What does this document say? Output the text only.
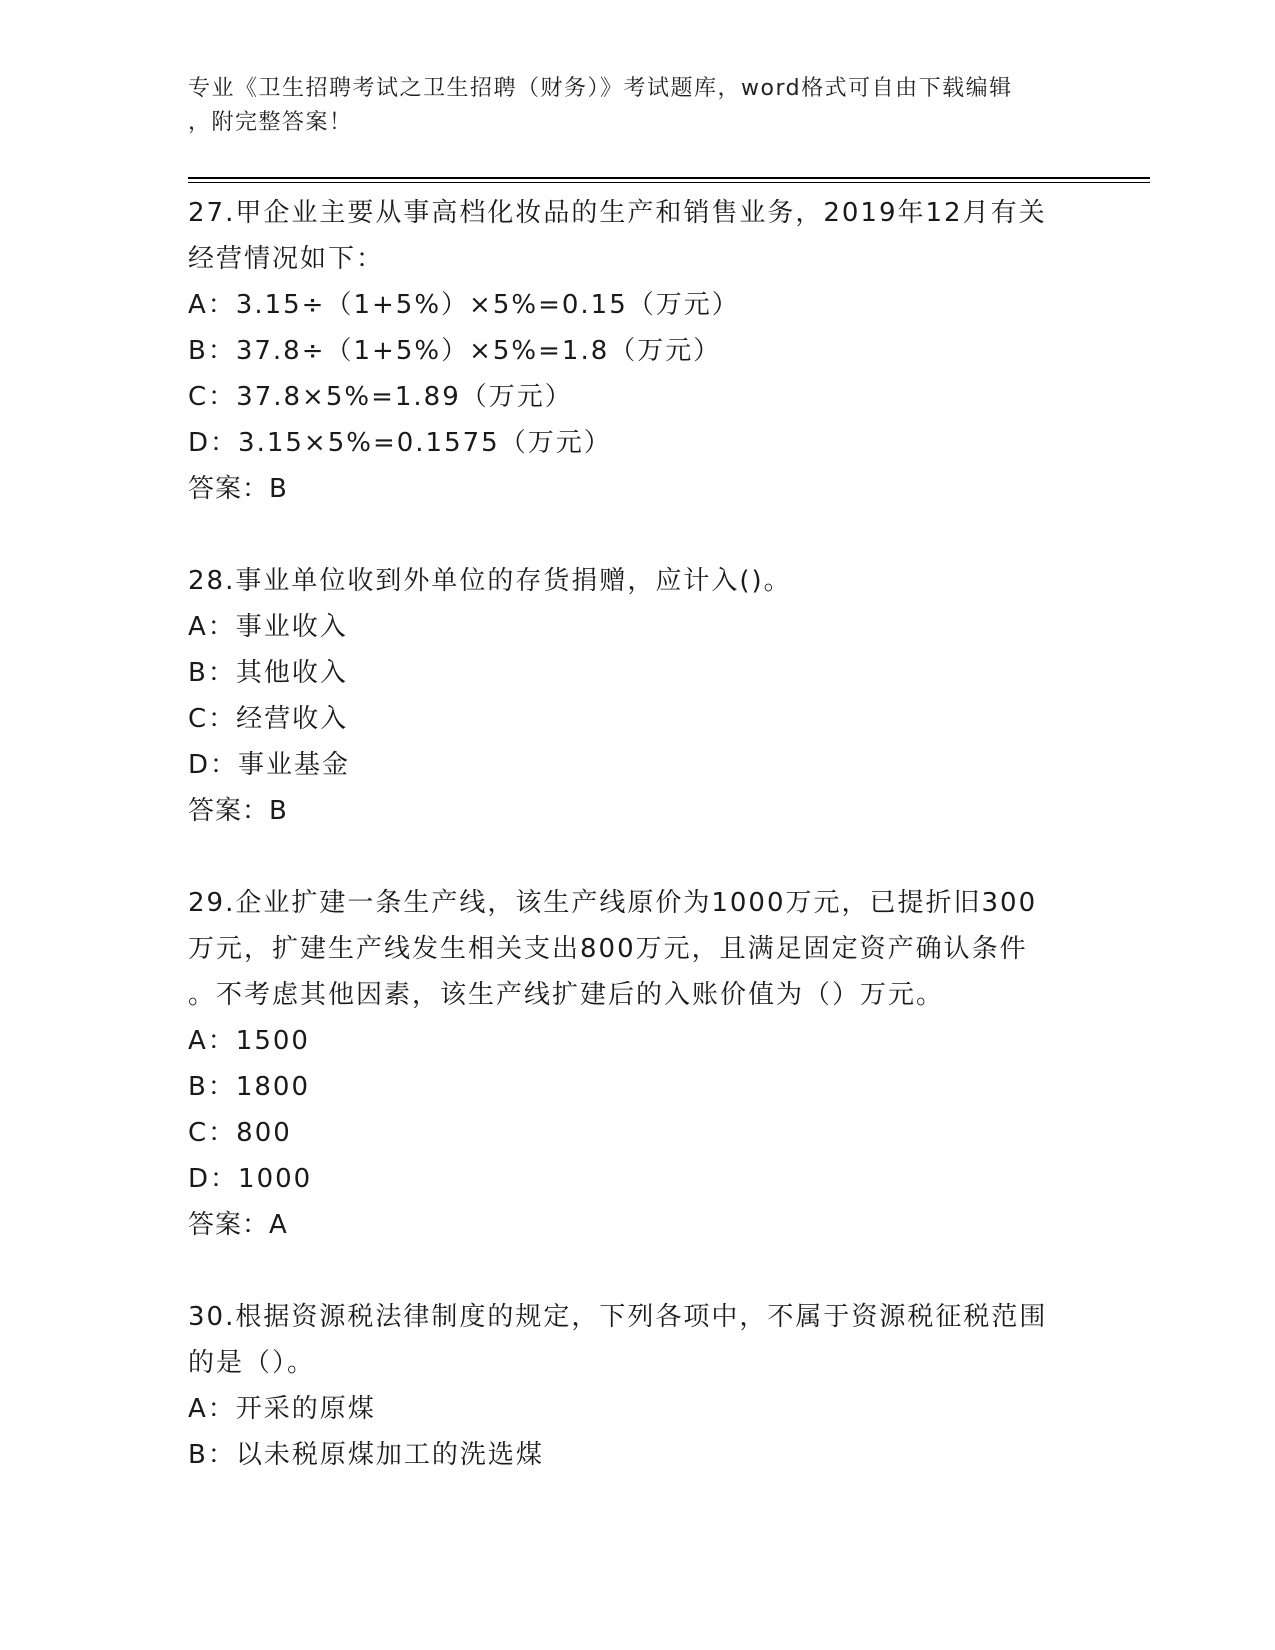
专业《卫生招聘考试之卫生招聘（财务）》考试题库，word格式可自由下载编辑
，附完整答案！

27.甲企业主要从事高档化妆品的生产和销售业务，2019年12月有关

经营情况如下：

A：3.15÷（1+5%）×5%=0.15（万元）

B：37.8÷（1+5%）×5%=1.8（万元）

C：37.8×5%=1.89（万元）

D：3.15×5%=0.1575（万元）

答案：B

28.事业单位收到外单位的存货捐赠，应计入()。

A：事业收入

B：其他收入

C：经营收入

D：事业基金

答案：B

29.企业扩建一条生产线，该生产线原价为1000万元，已提折旧300

万元，扩建生产线发生相关支出800万元，且满足固定资产确认条件

。不考虑其他因素，该生产线扩建后的入账价值为（）万元。

A：1500

B：1800

C：800

D：1000

答案：A

30.根据资源税法律制度的规定，下列各项中，不属于资源税征税范围

的是（）。

A：开采的原煤

B：以未税原煤加工的洗选煤
